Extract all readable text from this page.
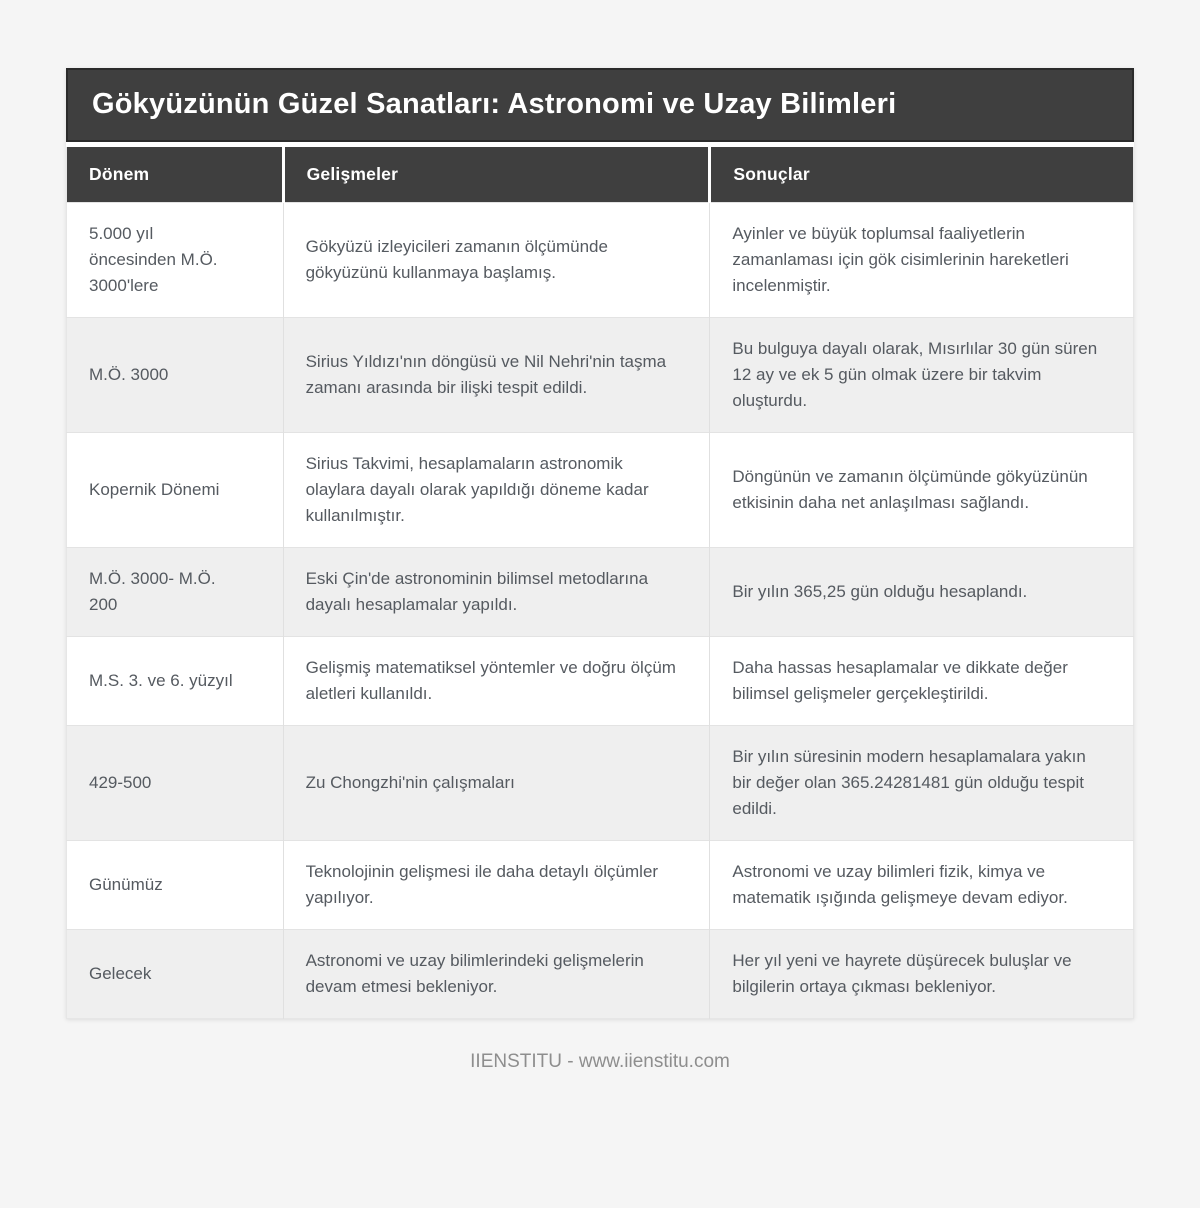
Gökyüzünün Güzel Sanatları: Astronomi ve Uzay Bilimleri
Dönem	Gelişmeler	Sonuçlar
5.000 yıl öncesinden M.Ö. 3000'lere	Gökyüzü izleyicileri zamanın ölçümünde gökyüzünü kullanmaya başlamış.	Ayinler ve büyük toplumsal faaliyetlerin zamanlaması için gök cisimlerinin hareketleri incelenmiştir.
M.Ö. 3000	Sirius Yıldızı'nın döngüsü ve Nil Nehri'nin taşma zamanı arasında bir ilişki tespit edildi.	Bu bulguya dayalı olarak, Mısırlılar 30 gün süren 12 ay ve ek 5 gün olmak üzere bir takvim oluşturdu.
Kopernik Dönemi	Sirius Takvimi, hesaplamaların astronomik olaylara dayalı olarak yapıldığı döneme kadar kullanılmıştır.	Döngünün ve zamanın ölçümünde gökyüzünün etkisinin daha net anlaşılması sağlandı.
M.Ö. 3000- M.Ö. 200	Eski Çin'de astronominin bilimsel metodlarına dayalı hesaplamalar yapıldı.	Bir yılın 365,25 gün olduğu hesaplandı.
M.S. 3. ve 6. yüzyıl	Gelişmiş matematiksel yöntemler ve doğru ölçüm aletleri kullanıldı.	Daha hassas hesaplamalar ve dikkate değer bilimsel gelişmeler gerçekleştirildi.
429-500	Zu Chongzhi'nin çalışmaları	Bir yılın süresinin modern hesaplamalara yakın bir değer olan 365.24281481 gün olduğu tespit edildi.
Günümüz	Teknolojinin gelişmesi ile daha detaylı ölçümler yapılıyor.	Astronomi ve uzay bilimleri fizik, kimya ve matematik ışığında gelişmeye devam ediyor.
Gelecek	Astronomi ve uzay bilimlerindeki gelişmelerin devam etmesi bekleniyor.	Her yıl yeni ve hayrete düşürecek buluşlar ve bilgilerin ortaya çıkması bekleniyor.
IIENSTITU - www.iienstitu.com
